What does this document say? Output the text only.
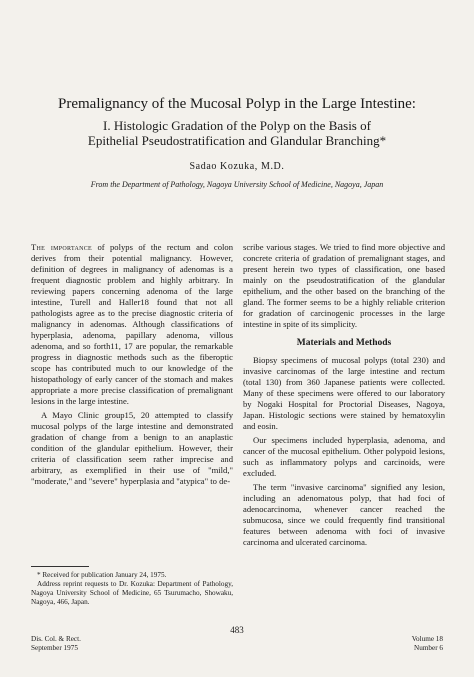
Premalignancy of the Mucosal Polyp in the Large Intestine:
I. Histologic Gradation of the Polyp on the Basis of
Epithelial Pseudostratification and Glandular Branching*
Sadao Kozuka, M.D.
From the Department of Pathology, Nagoya University School of Medicine, Nagoya, Japan

The importance of polyps of the rectum and colon derives from their potential malignancy. However, definition of degrees in malignancy of adenomas is a frequent diagnostic problem and highly arbitrary. In reviewing papers concerning adenoma of the large intestine, Turell and Haller18 found that not all pathologists agree as to the precise diagnostic criteria of malignancy in adenomas. Although classifications of hyperplasia, adenoma, papillary adenoma, villous adenoma, and so forth11, 17 are popular, the remarkable progress in diagnostic methods such as the fiberoptic scope has contributed much to our knowledge of the histopathology of early cancer of the stomach and makes appropriate a more precise classification of premalignant lesions in the large intestine.

A Mayo Clinic group15, 20 attempted to classify mucosal polyps of the large intestine and demonstrated gradation of change from a benign to an anaplastic condition of the glandular epithelium. However, their criteria of classification seem rather imprecise and arbitrary, as exemplified in their use of "mild," "moderate," and "severe" hyperplasia and "atypica" to de-

scribe various stages. We tried to find more objective and concrete criteria of gradation of premalignant stages, and present herein two types of classification, one based mainly on the pseudostratification of the glandular epithelium, and the other based on the branching of the gland. The former seems to be a highly reliable criterion for gradation of carcinogenic processes in the large intestine in spite of its simplicity.

Materials and Methods

Biopsy specimens of mucosal polyps (total 230) and invasive carcinomas of the large intestine and rectum (total 130) from 360 Japanese patients were collected. Many of these specimens were offered to our laboratory by Nogaki Hospital for Proctorial Diseases, Nagoya, Japan. Histologic sections were stained by hematoxylin and eosin.

Our specimens included hyperplasia, adenoma, and cancer of the mucosal epithelium. Other polypoid lesions, such as inflammatory polyps and carcinoids, were excluded.

The term "invasive carcinoma" signified any lesion, including an adenomatous polyp, that had foci of adenocarcinoma, whenever cancer reached the submucosa, since we could frequently find transitional features between adenoma with foci of invasive carcinoma and ulcerated carcinoma.

* Received for publication January 24, 1975.

Address reprint requests to Dr. Kozuka: Department of Pathology, Nagoya University School of Medicine, 65 Tsurumacho, Showaku, Nagoya, 466, Japan.

483
Dis. Col. & Rect.
September 1975
Volume 18
Number 6
